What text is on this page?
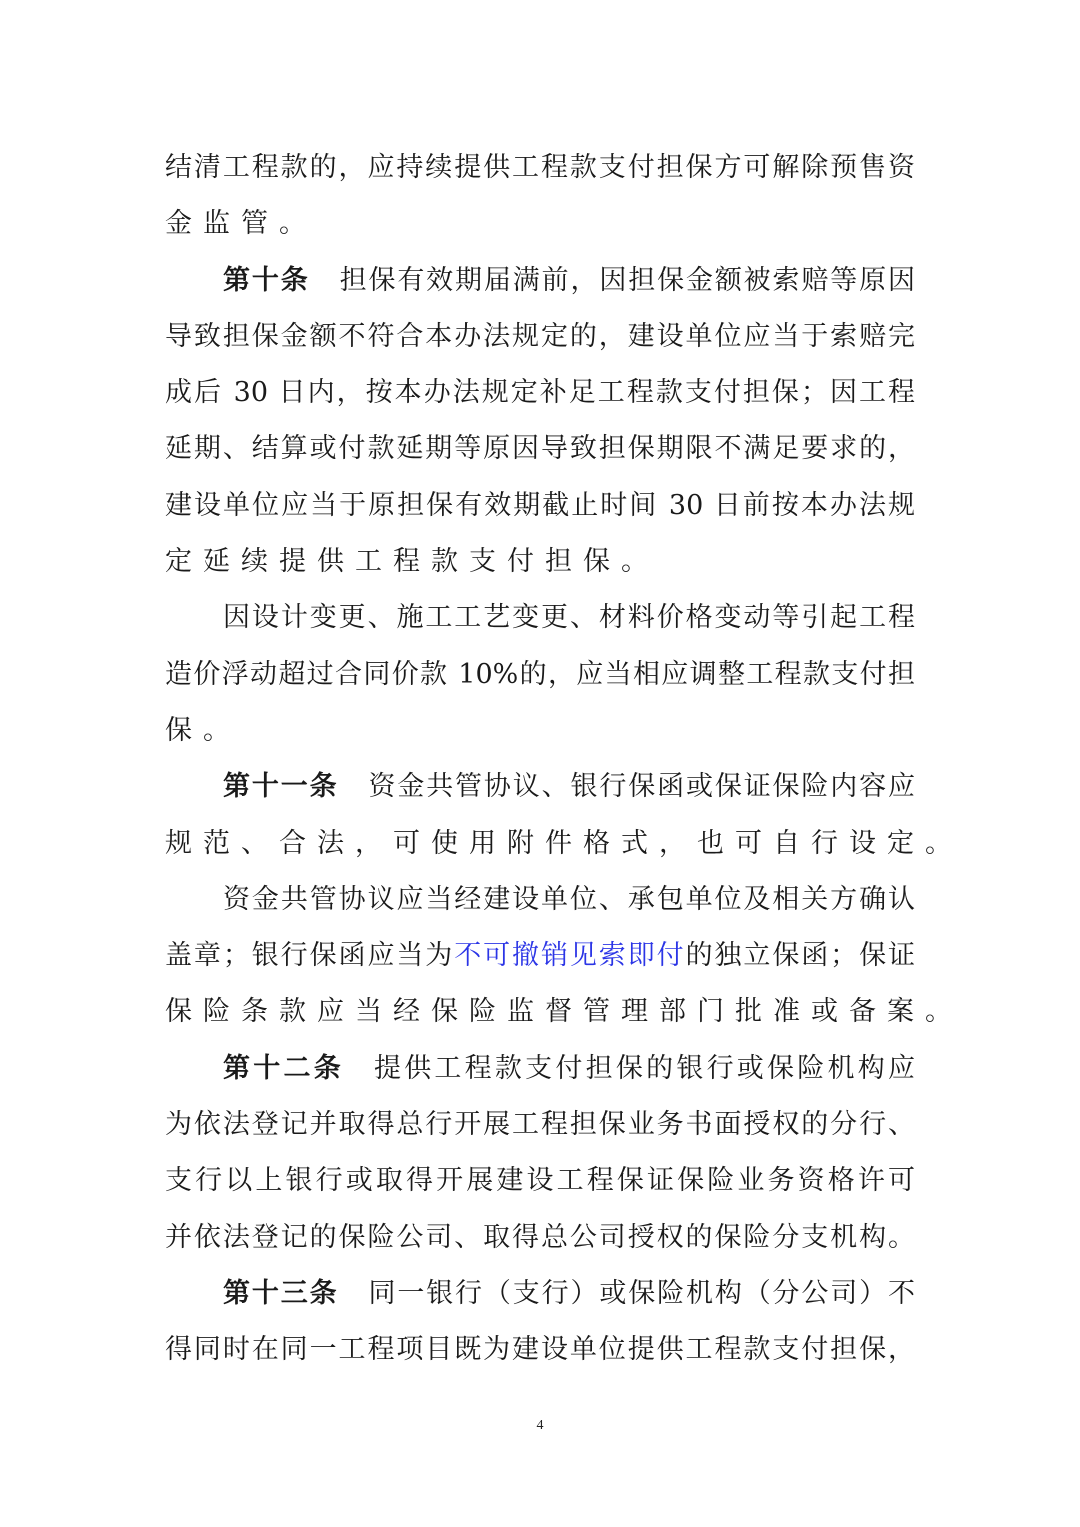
结清工程款的，应持续提供工程款支付担保方可解除预售资
金监管。
第十条 担保有效期届满前，因担保金额被索赔等原因
导致担保金额不符合本办法规定的，建设单位应当于索赔完
成后 30 日内，按本办法规定补足工程款支付担保；因工程
延期、结算或付款延期等原因导致担保期限不满足要求的，
建设单位应当于原担保有效期截止时间 30 日前按本办法规
定延续提供工程款支付担保。
因设计变更、施工工艺变更、材料价格变动等引起工程
造价浮动超过合同价款 10%的，应当相应调整工程款支付担
保。
第十一条 资金共管协议、银行保函或保证保险内容应
规范、合法，可使用附件格式，也可自行设定。
资金共管协议应当经建设单位、承包单位及相关方确认
盖章；银行保函应当为不可撤销见索即付的独立保函；保证
保险条款应当经保险监督管理部门批准或备案。
第十二条 提供工程款支付担保的银行或保险机构应
为依法登记并取得总行开展工程担保业务书面授权的分行、
支行以上银行或取得开展建设工程保证保险业务资格许可
并依法登记的保险公司、取得总公司授权的保险分支机构。
第十三条 同一银行（支行）或保险机构（分公司）不
得同时在同一工程项目既为建设单位提供工程款支付担保，
4
